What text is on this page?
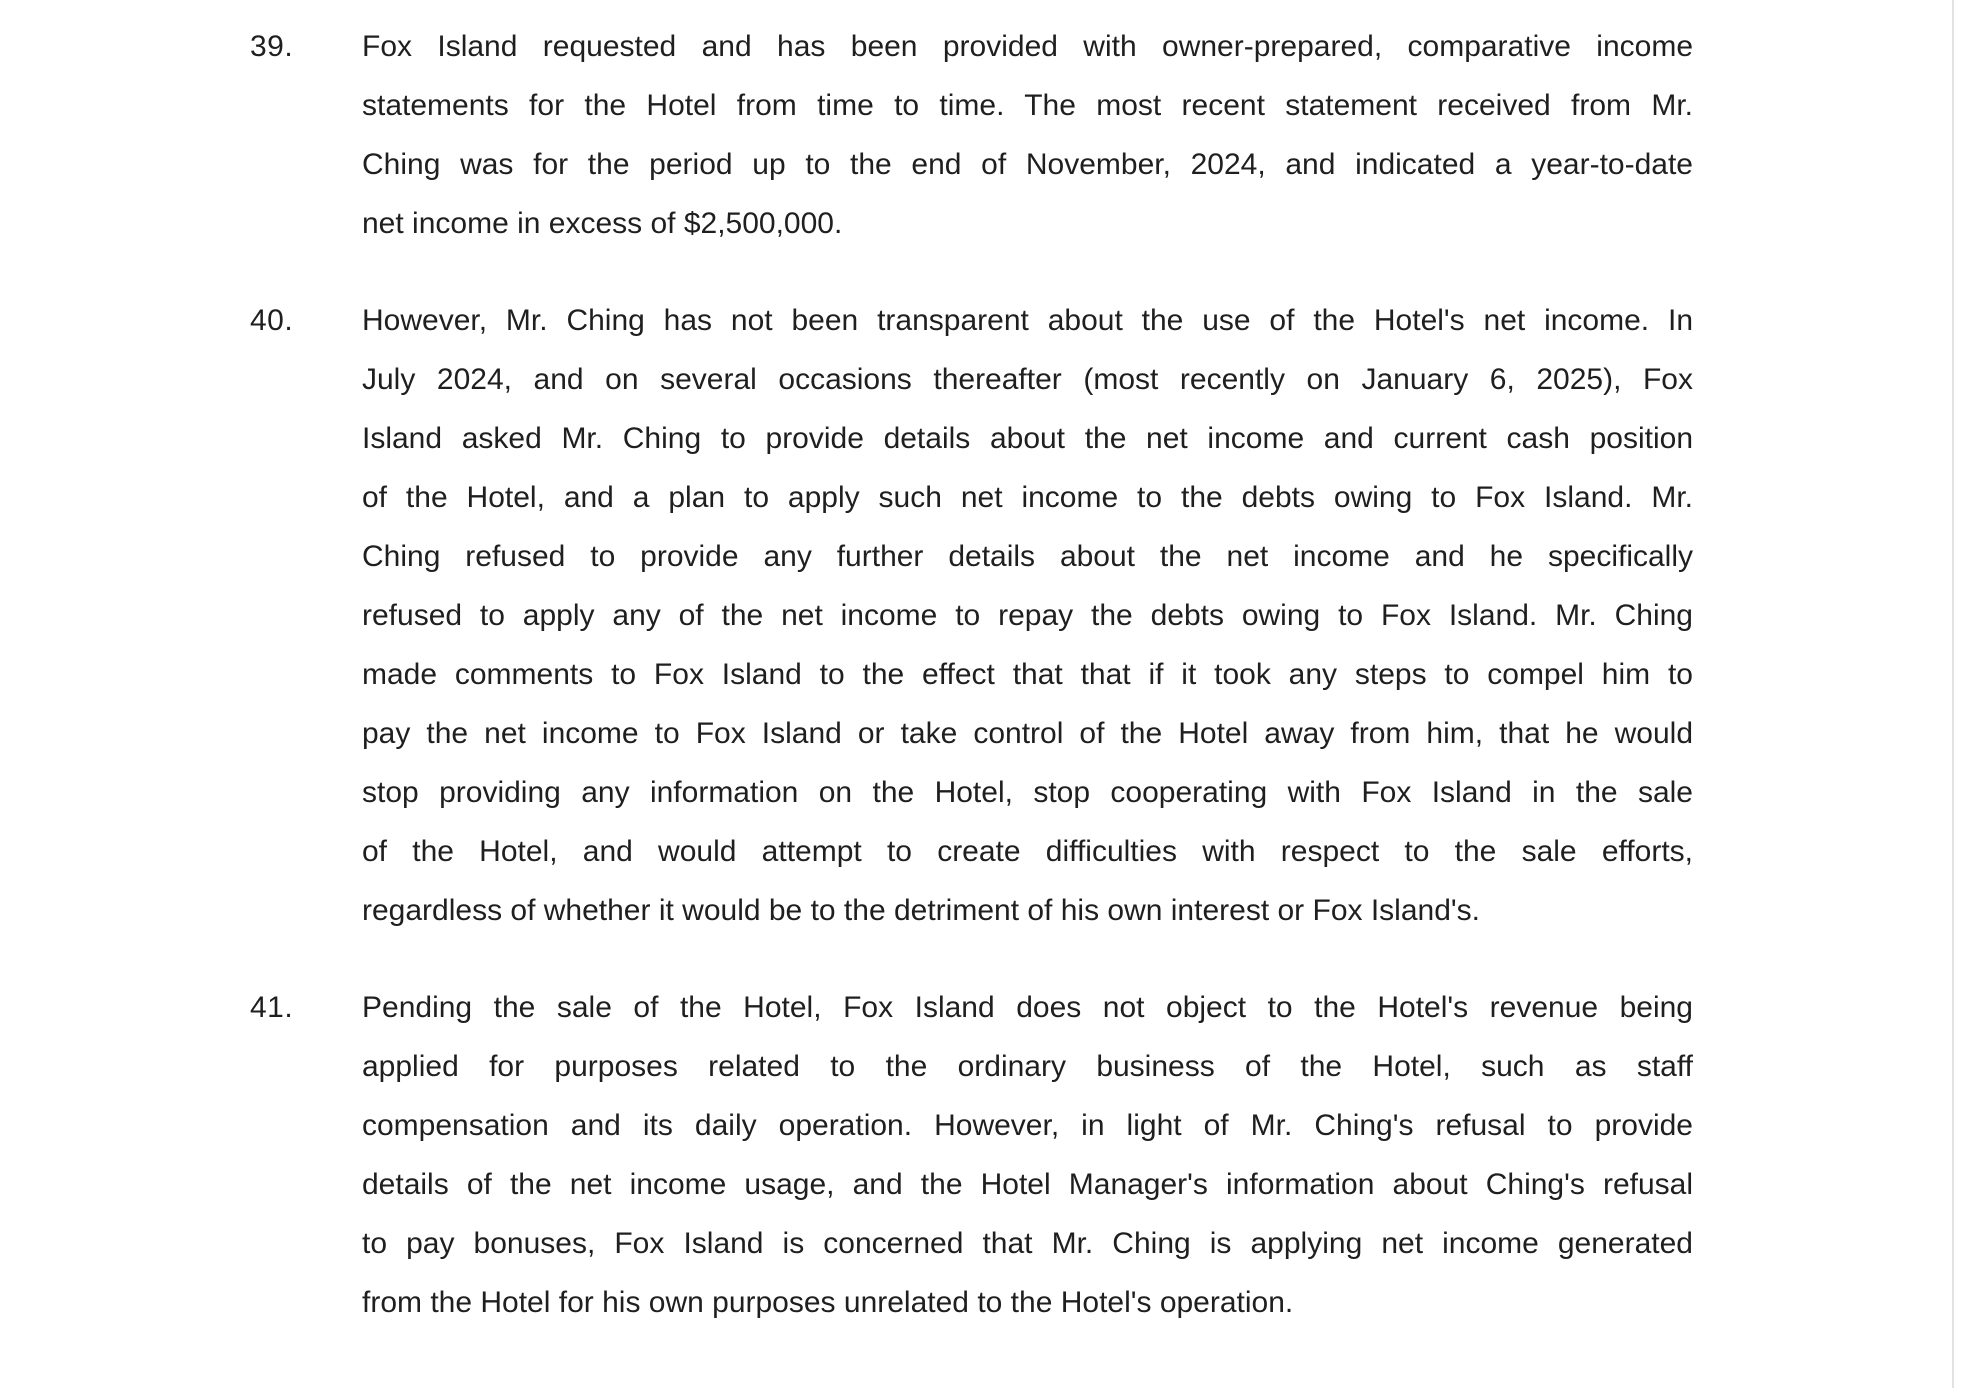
39.	Fox Island requested and has been provided with owner-prepared, comparative income
statements for the Hotel from time to time. The most recent statement received from Mr.
Ching was for the period up to the end of November, 2024, and indicated a year-to-date
net income in excess of $2,500,000.
40.	However, Mr. Ching has not been transparent about the use of the Hotel's net income. In
July 2024, and on several occasions thereafter (most recently on January 6, 2025), Fox
Island asked Mr. Ching to provide details about the net income and current cash position
of the Hotel, and a plan to apply such net income to the debts owing to Fox Island. Mr.
Ching refused to provide any further details about the net income and he specifically
refused to apply any of the net income to repay the debts owing to Fox Island. Mr. Ching
made comments to Fox Island to the effect that that if it took any steps to compel him to
pay the net income to Fox Island or take control of the Hotel away from him, that he would
stop providing any information on the Hotel, stop cooperating with Fox Island in the sale
of the Hotel, and would attempt to create difficulties with respect to the sale efforts,
regardless of whether it would be to the detriment of his own interest or Fox Island's.
41.	Pending the sale of the Hotel, Fox Island does not object to the Hotel's revenue being
applied for purposes related to the ordinary business of the Hotel, such as staff
compensation and its daily operation. However, in light of Mr. Ching's refusal to provide
details of the net income usage, and the Hotel Manager's information about Ching's refusal
to pay bonuses, Fox Island is concerned that Mr. Ching is applying net income generated
from the Hotel for his own purposes unrelated to the Hotel's operation.
